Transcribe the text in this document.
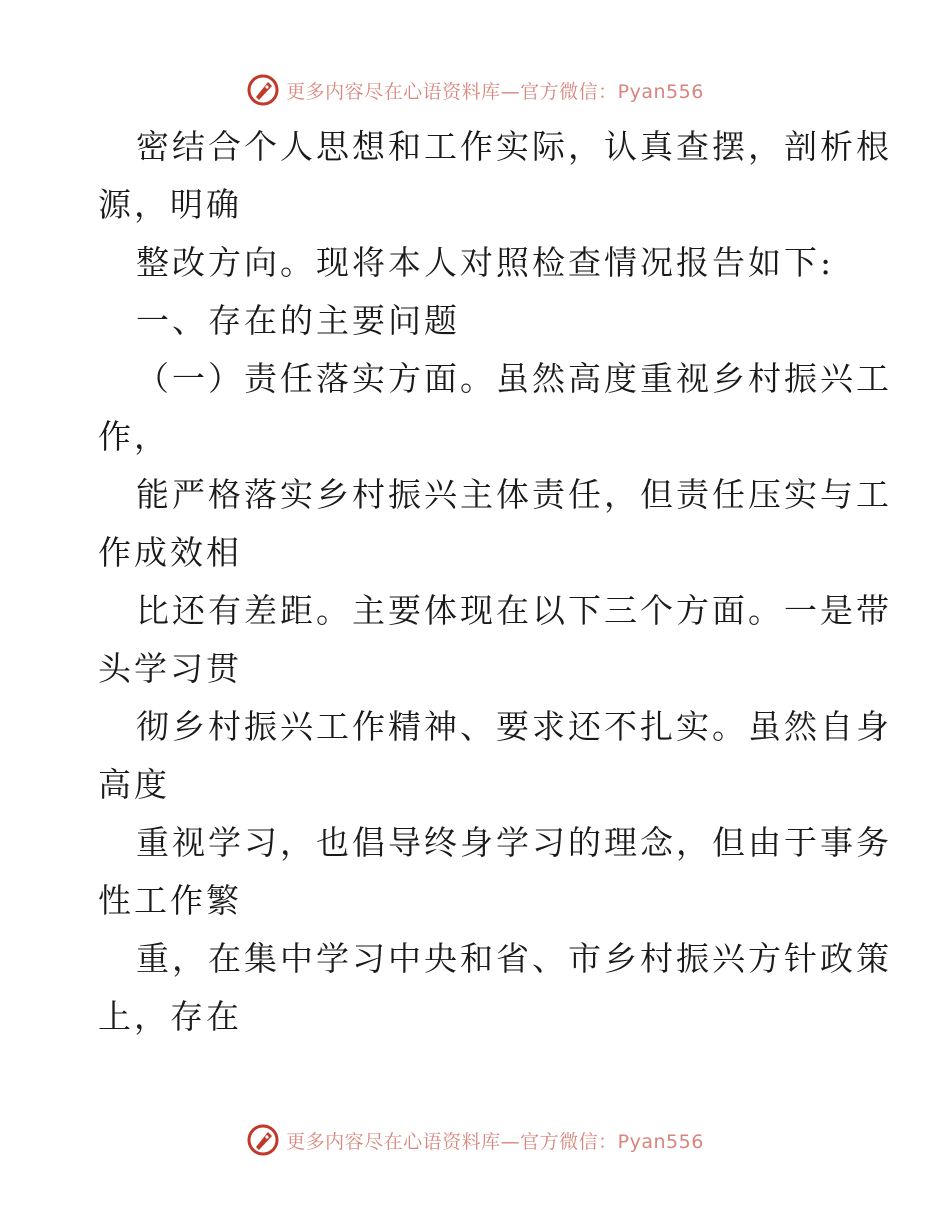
更多内容尽在心语资料库—官方微信：Pyan556
密结合个人思想和工作实际，认真查摆，剖析根
源，明确
整改方向。现将本人对照检查情况报告如下:
一、存在的主要问题
（一）责任落实方面。虽然高度重视乡村振兴工
作，
能严格落实乡村振兴主体责任，但责任压实与工
作成效相
比还有差距。主要体现在以下三个方面。一是带
头学习贯
彻乡村振兴工作精神、要求还不扎实。虽然自身
高度
重视学习，也倡导终身学习的理念，但由于事务
性工作繁
重，在集中学习中央和省、市乡村振兴方针政策
上，存在
更多内容尽在心语资料库—官方微信：Pyan556
